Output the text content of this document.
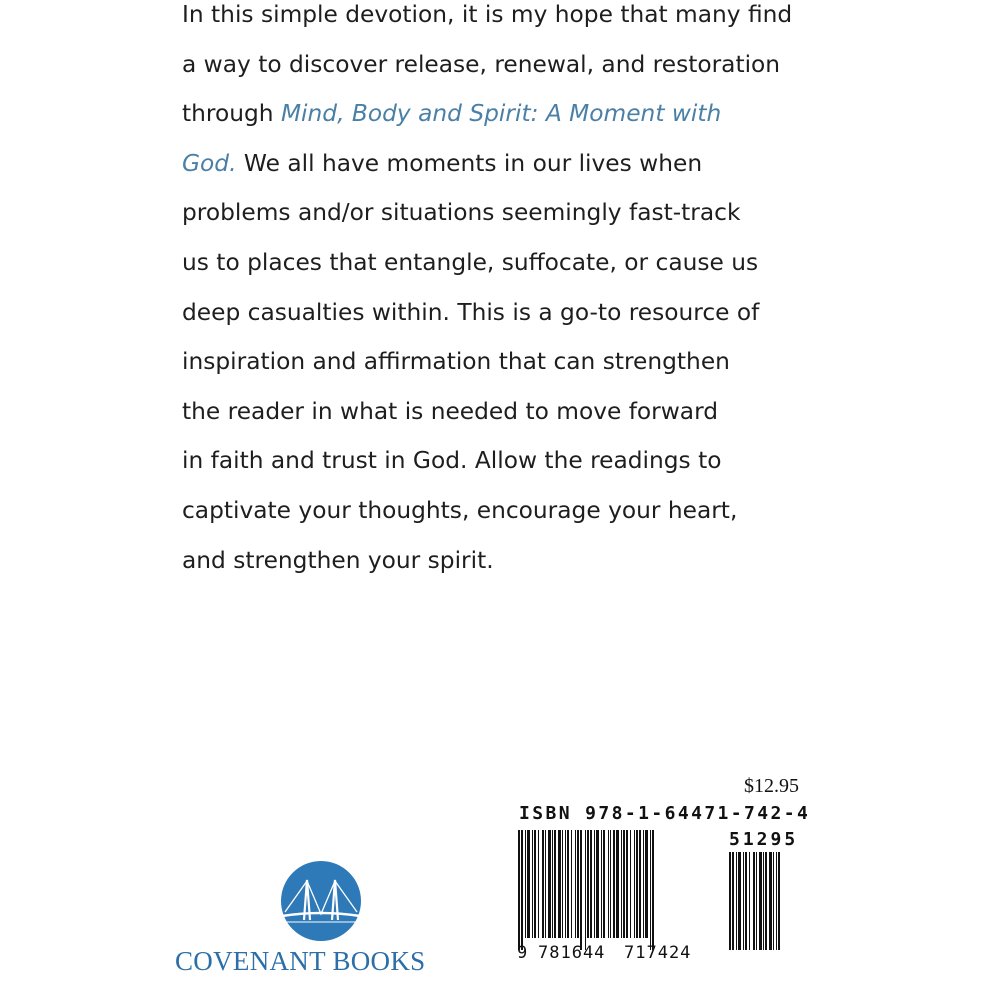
In this simple devotion, it is my hope that many find
a way to discover release, renewal, and restoration
through Mind, Body and Spirit: A Moment with
God. We all have moments in our lives when
problems and/or situations seemingly fast-track
us to places that entangle, suffocate, or cause us
deep casualties within. This is a go-to resource of
inspiration and affirmation that can strengthen
the reader in what is needed to move forward
in faith and trust in God. Allow the readings to
captivate your thoughts, encourage your heart,
and strengthen your spirit.
$12.95
ISBN 978-1-64471-742-4
51295
9 781644 717424
COVENANT BOOKS
